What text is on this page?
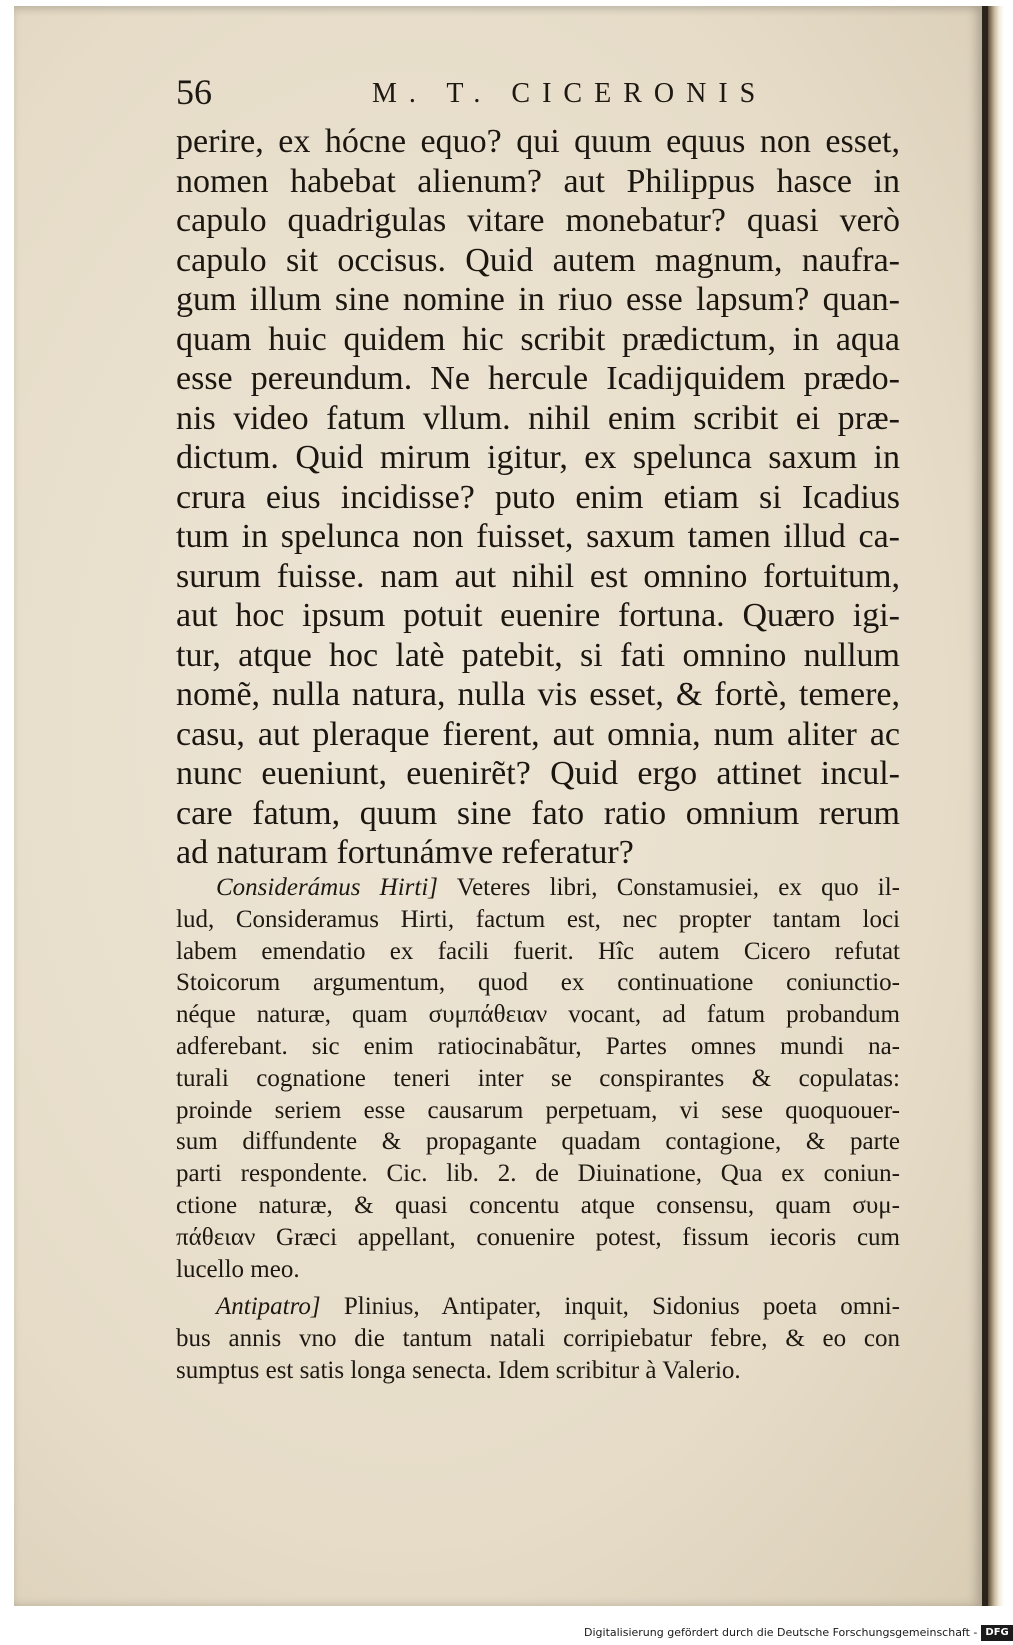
56	M. T. CICERONIS
perire, ex hócne equo? qui quum equus non esset,
nomen habebat alienum? aut Philippus hasce in
capulo quadrigulas vitare monebatur? quasi verò
capulo sit occisus. Quid autem magnum, naufra-
gum illum sine nomine in riuo esse lapsum? quan-
quam huic quidem hic scribit prædictum, in aqua
esse pereundum. Ne hercule Icadijquidem prædo-
nis video fatum vllum. nihil enim scribit ei præ-
dictum. Quid mirum igitur, ex spelunca saxum in
crura eius incidisse? puto enim etiam si Icadius
tum in spelunca non fuisset, saxum tamen illud ca-
surum fuisse. nam aut nihil est omnino fortuitum,
aut hoc ipsum potuit euenire fortuna. Quæro igi-
tur, atque hoc latè patebit, si fati omnino nullum
nomẽ, nulla natura, nulla vis esset, & fortè, temere,
casu, aut pleraque fierent, aut omnia, num aliter ac
nunc eueniunt, euenirẽt? Quid ergo attinet incul-
care fatum, quum sine fato ratio omnium rerum
ad naturam fortunámve referatur?
Considerámus Hirti] Veteres libri, Constamusiei, ex quo il-
lud, Consideramus Hirti, factum est, nec propter tantam loci
labem emendatio ex facili fuerit. Hîc autem Cicero refutat
Stoicorum argumentum, quod ex continuatione coniunctio-
néque naturæ, quam συμπάθειαν vocant, ad fatum probandum
adferebant. sic enim ratiocinabãtur, Partes omnes mundi na-
turali cognatione teneri inter se conspirantes & copulatas:
proinde seriem esse causarum perpetuam, vi sese quoquouer-
sum diffundente & propagante quadam contagione, & parte
parti respondente. Cic. lib. 2. de Diuinatione, Qua ex coniun-
ctione naturæ, & quasi concentu atque consensu, quam συμ-
πάθειαν Græci appellant, conuenire potest, fissum iecoris cum
lucello meo.
Antipatro] Plinius, Antipater, inquit, Sidonius poeta omni-
bus annis vno die tantum natali corripiebatur febre, & eo con
sumptus est satis longa senecta. Idem scribitur à Valerio.
Digitalisierung gefördert durch die Deutsche Forschungsgemeinschaft - DFG
